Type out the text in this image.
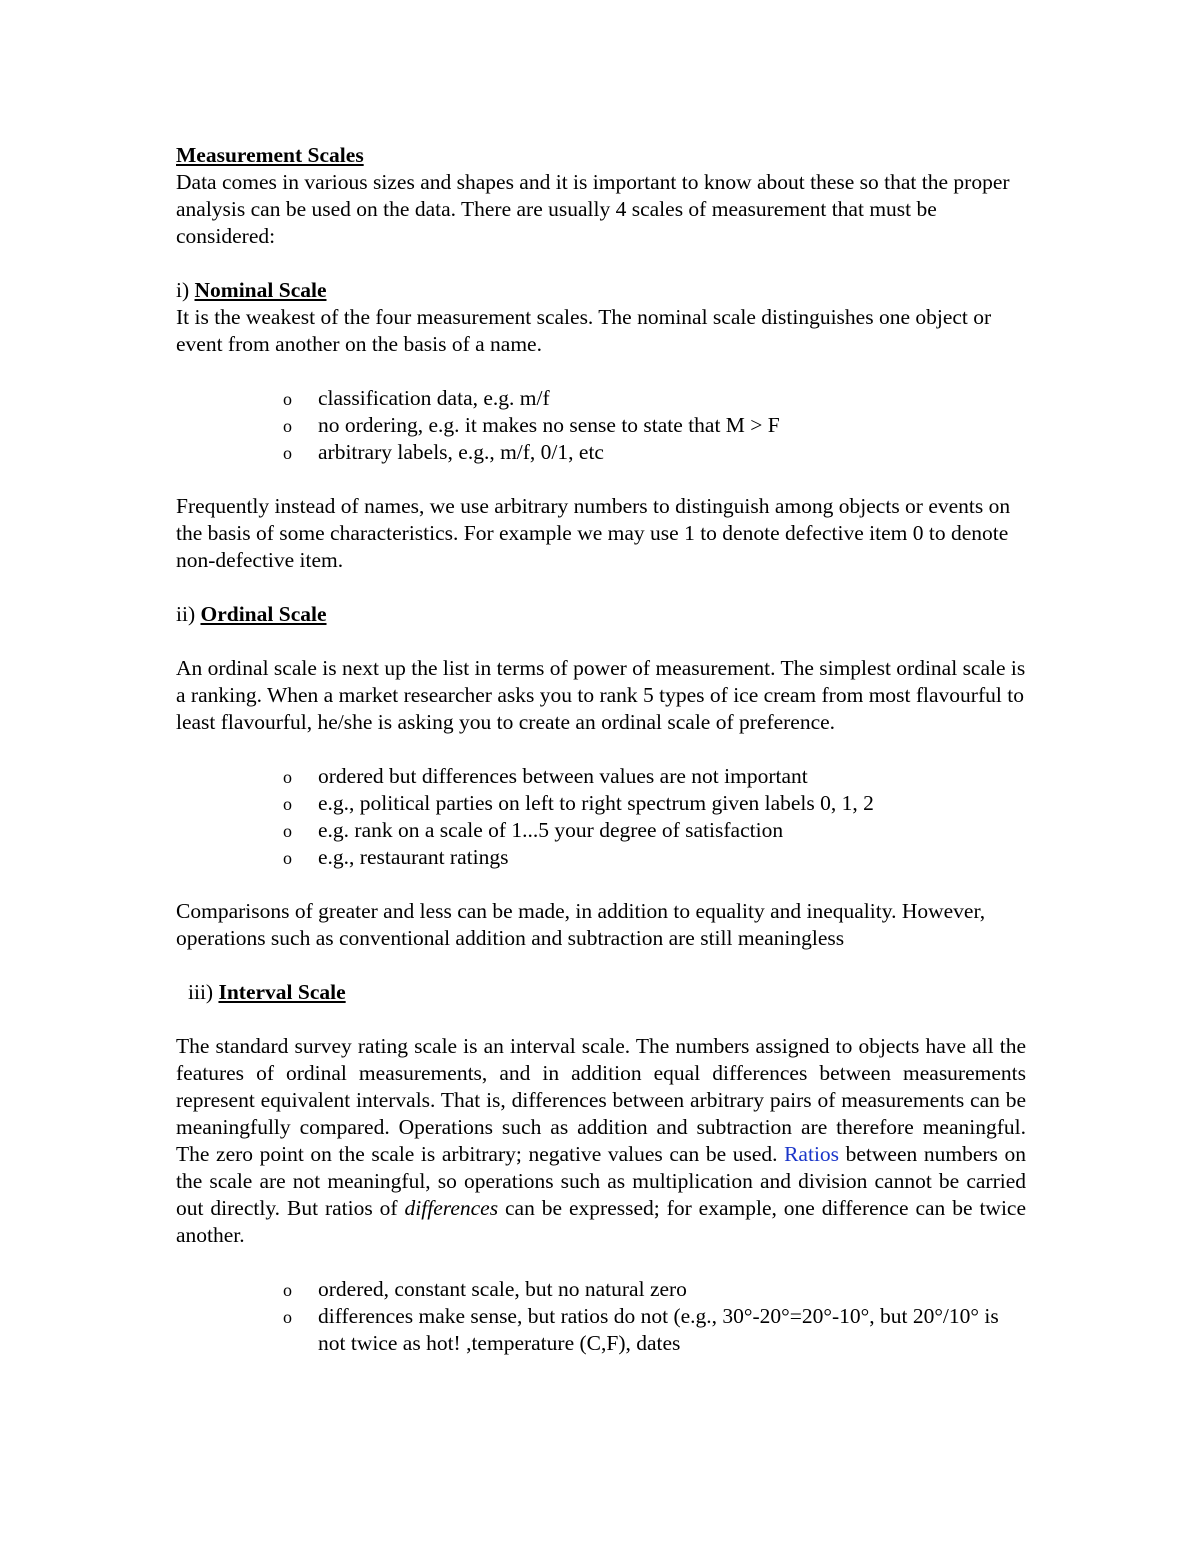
Measurement Scales

Data comes in various sizes and shapes and it is important to know about these so that the proper analysis can be used on the data. There are usually 4 scales of measurement that must be considered:

i) Nominal Scale

It is the weakest of the four measurement scales. The nominal scale distinguishes one object or event from another on the basis of a name.

o classification data, e.g. m/f
o no ordering, e.g. it makes no sense to state that M > F
o arbitrary labels, e.g., m/f, 0/1, etc

Frequently instead of names, we use arbitrary numbers to distinguish among objects or events on the basis of some characteristics. For example we may use 1 to denote defective item 0 to denote non-defective item.

ii) Ordinal Scale

An ordinal scale is next up the list in terms of power of measurement. The simplest ordinal scale is a ranking. When a market researcher asks you to rank 5 types of ice cream from most flavourful to least flavourful, he/she is asking you to create an ordinal scale of preference.

o ordered but differences between values are not important
o e.g., political parties on left to right spectrum given labels 0, 1, 2
o e.g. rank on a scale of 1...5 your degree of satisfaction
o e.g., restaurant ratings

Comparisons of greater and less can be made, in addition to equality and inequality. However, operations such as conventional addition and subtraction are still meaningless

iii) Interval Scale

The standard survey rating scale is an interval scale. The numbers assigned to objects have all the features of ordinal measurements, and in addition equal differences between measurements represent equivalent intervals. That is, differences between arbitrary pairs of measurements can be meaningfully compared. Operations such as addition and subtraction are therefore meaningful. The zero point on the scale is arbitrary; negative values can be used. Ratios between numbers on the scale are not meaningful, so operations such as multiplication and division cannot be carried out directly. But ratios of differences can be expressed; for example, one difference can be twice another.

o ordered, constant scale, but no natural zero
o differences make sense, but ratios do not (e.g., 30°-20°=20°-10°, but 20°/10° is not twice as hot! ,temperature (C,F), dates
